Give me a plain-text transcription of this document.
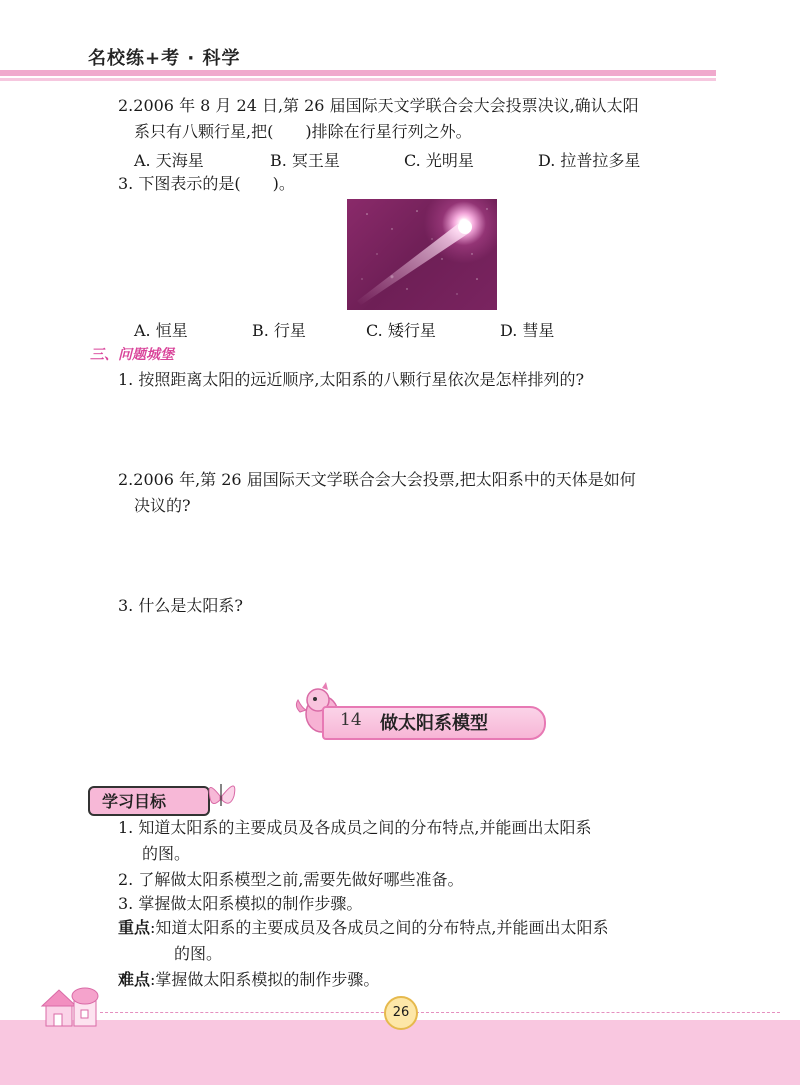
名校练+考 · 科学
2.2006 年 8 月 24 日,第 26 届国际天文学联合会大会投票决议,确认太阳
系只有八颗行星,把(　　)排除在行星行列之外。
A. 天海星	B. 冥王星	C. 光明星	D. 拉普拉多星
3. 下图表示的是(　　)。
A. 恒星	B. 行星	C. 矮行星	D. 彗星
三、问题城堡
1. 按照距离太阳的远近顺序,太阳系的八颗行星依次是怎样排列的?
2.2006 年,第 26 届国际天文学联合会大会投票,把太阳系中的天体是如何
决议的?
3. 什么是太阳系?
14 做太阳系模型
学习目标
1. 知道太阳系的主要成员及各成员之间的分布特点,并能画出太阳系
的图。
2. 了解做太阳系模型之前,需要先做好哪些准备。
3. 掌握做太阳系模拟的制作步骤。
重点:知道太阳系的主要成员及各成员之间的分布特点,并能画出太阳系
的图。
难点:掌握做太阳系模拟的制作步骤。
26
